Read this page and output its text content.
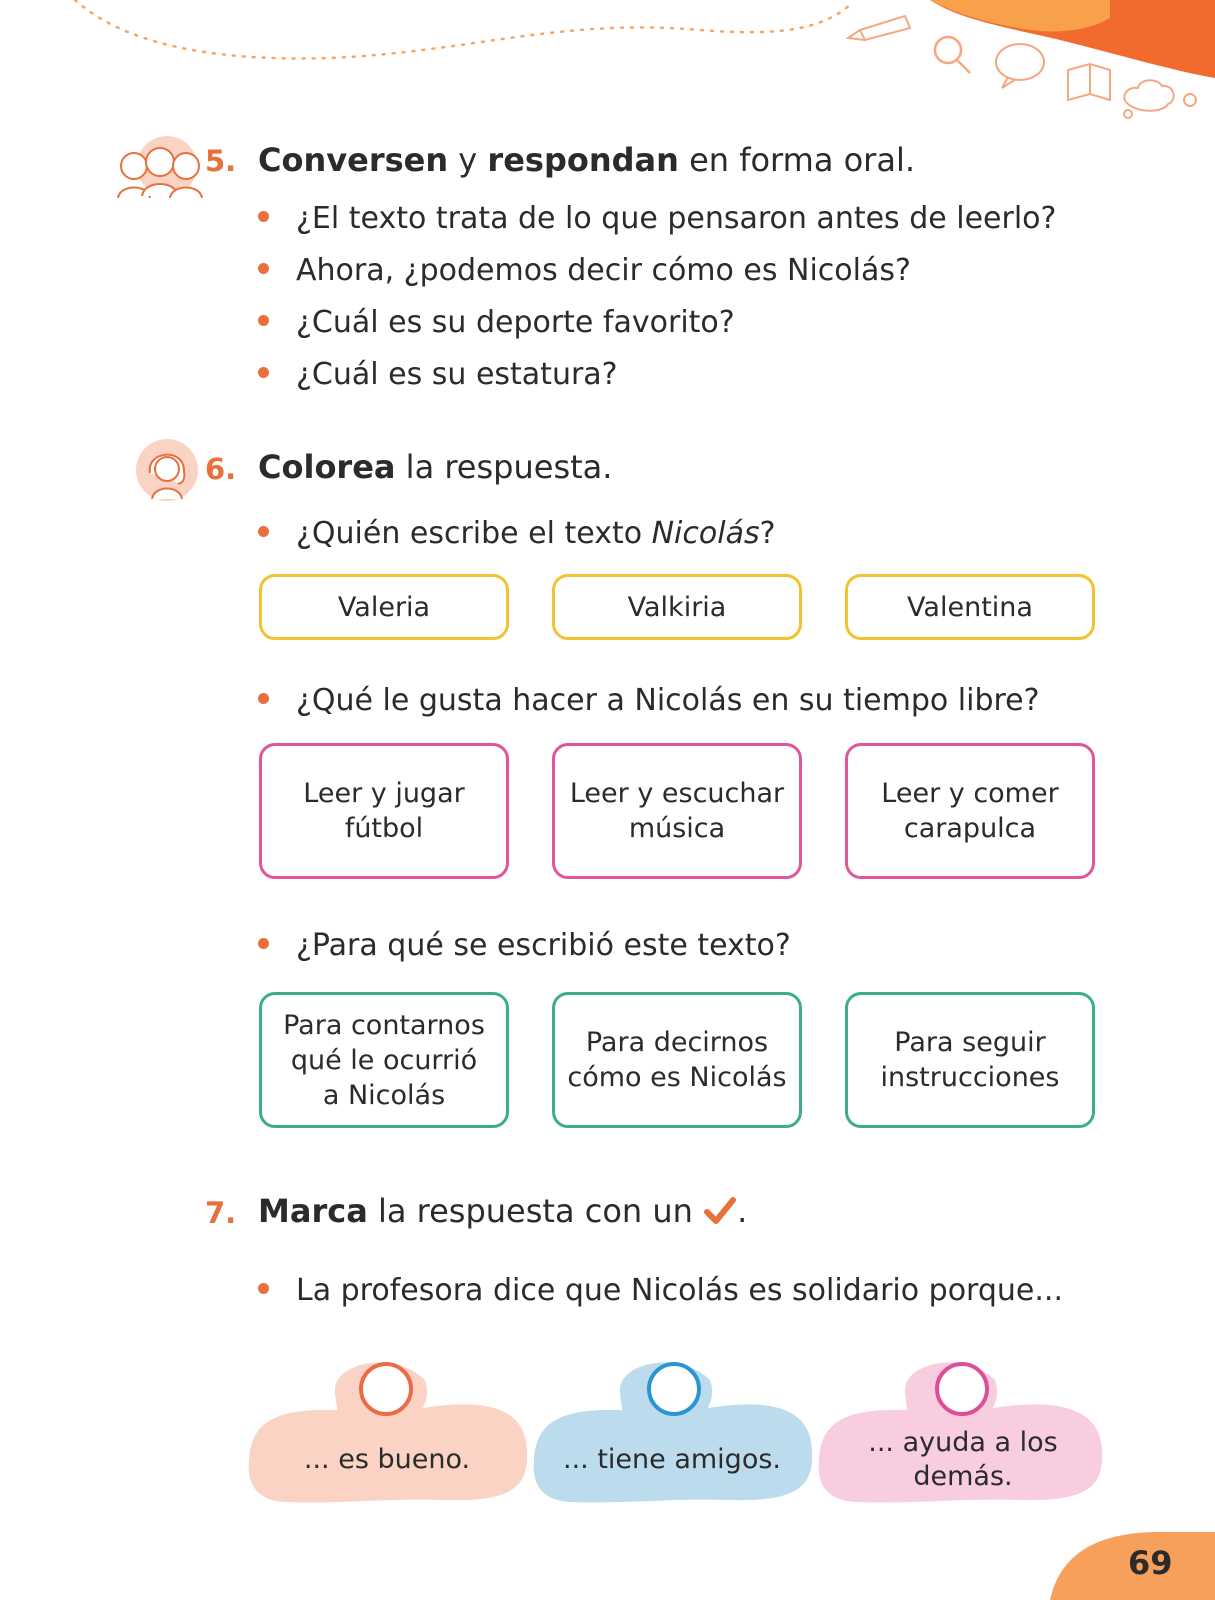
5. Conversen y respondan en forma oral.
¿El texto trata de lo que pensaron antes de leerlo?
Ahora, ¿podemos decir cómo es Nicolás?
¿Cuál es su deporte favorito?
¿Cuál es su estatura?
6. Colorea la respuesta.
¿Quién escribe el texto Nicolás?
Valeria	Valkiria	Valentina
¿Qué le gusta hacer a Nicolás en su tiempo libre?
Leer y jugar
fútbol
Leer y escuchar
música
Leer y comer
carapulca
¿Para qué se escribió este texto?
Para contarnos
qué le ocurrió
a Nicolás
Para decirnos
cómo es Nicolás
Para seguir
instrucciones
7. Marca la respuesta con un .
La profesora dice que Nicolás es solidario porque...
... es bueno.	... tiene amigos.
... ayuda a los
demás.
69
